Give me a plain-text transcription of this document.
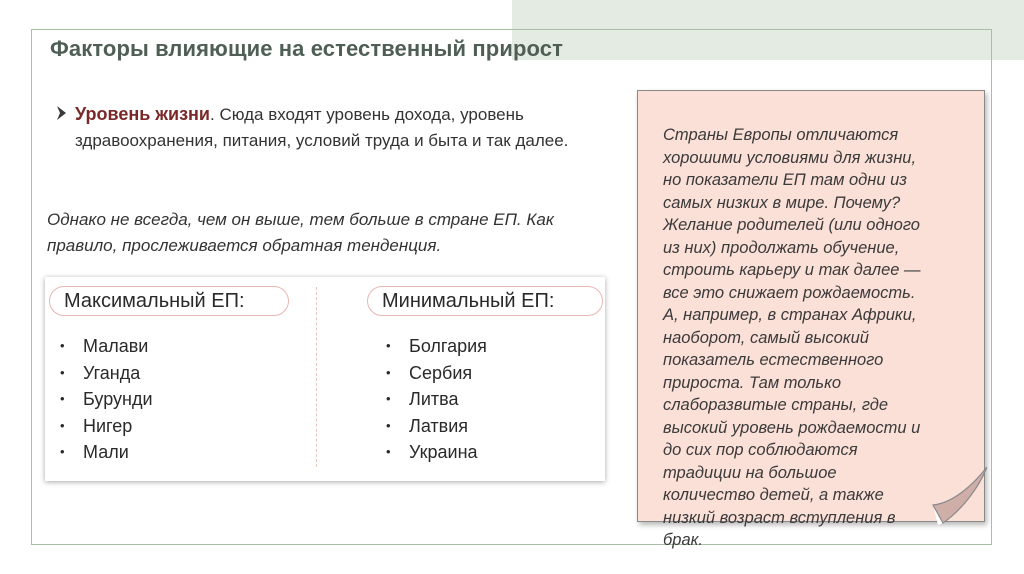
Факторы влияющие на естественный прирост
Уровень жизни. Сюда входят уровень дохода, уровень здравоохранения, питания, условий труда и быта и так далее.
Однако не всегда, чем он выше, тем больше в стране ЕП. Как правило, прослеживается обратная тенденция.
Максимальный ЕП:	Минимальный ЕП:
• Малави
• Уганда
• Бурунди
• Нигер
• Мали
• Болгария
• Сербия
• Литва
• Латвия
• Украина
Страны Европы отличаются
хорошими условиями для жизни,
но показатели ЕП там одни из
самых низких в мире. Почему?
Желание родителей (или одного
из них) продолжать обучение,
строить карьеру и так далее —
все это снижает рождаемость.
А, например, в странах Африки,
наоборот, самый высокий
показатель естественного
прироста. Там только
слаборазвитые страны, где
высокий уровень рождаемости и
до сих пор соблюдаются
традиции на большое
количество детей, а также
низкий возраст вступления в
брак.
